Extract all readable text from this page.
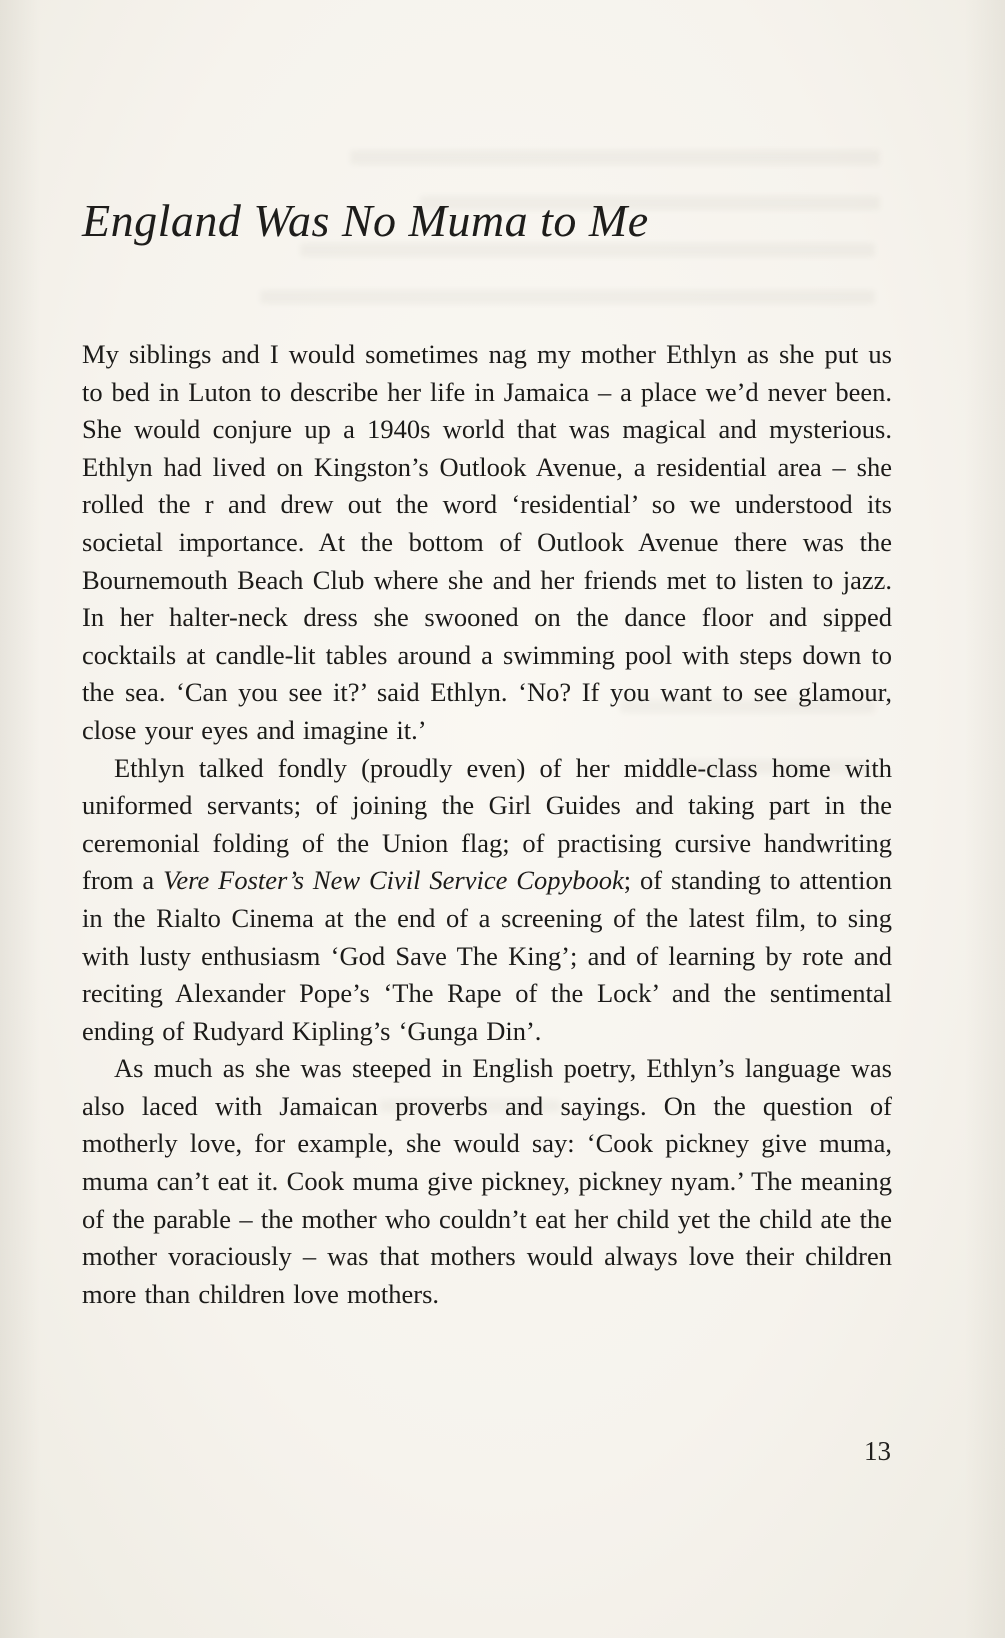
England Was No Muma to Me

My siblings and I would sometimes nag my mother Ethlyn as she put us to bed in Luton to describe her life in Jamaica – a place we’d never been. She would conjure up a 1940s world that was magical and mysterious. Ethlyn had lived on Kingston’s Outlook Avenue, a residential area – she rolled the r and drew out the word ‘residential’ so we understood its societal importance. At the bottom of Outlook Avenue there was the Bournemouth Beach Club where she and her friends met to listen to jazz. In her halter-neck dress she swooned on the dance floor and sipped cocktails at candle-lit tables around a swimming pool with steps down to the sea. ‘Can you see it?’ said Ethlyn. ‘No? If you want to see glamour, close your eyes and imagine it.’

Ethlyn talked fondly (proudly even) of her middle-class home with uniformed servants; of joining the Girl Guides and taking part in the ceremonial folding of the Union flag; of practising cursive handwriting from a Vere Foster’s New Civil Service Copybook; of standing to attention in the Rialto Cinema at the end of a screening of the latest film, to sing with lusty enthusiasm ‘God Save The King’; and of learning by rote and reciting Alexander Pope’s ‘The Rape of the Lock’ and the sentimental ending of Rudyard Kipling’s ‘Gunga Din’.

As much as she was steeped in English poetry, Ethlyn’s language was also laced with Jamaican proverbs and sayings. On the question of motherly love, for example, she would say: ‘Cook pickney give muma, muma can’t eat it. Cook muma give pickney, pickney nyam.’ The meaning of the parable – the mother who couldn’t eat her child yet the child ate the mother voraciously – was that mothers would always love their children more than children love mothers.

13
